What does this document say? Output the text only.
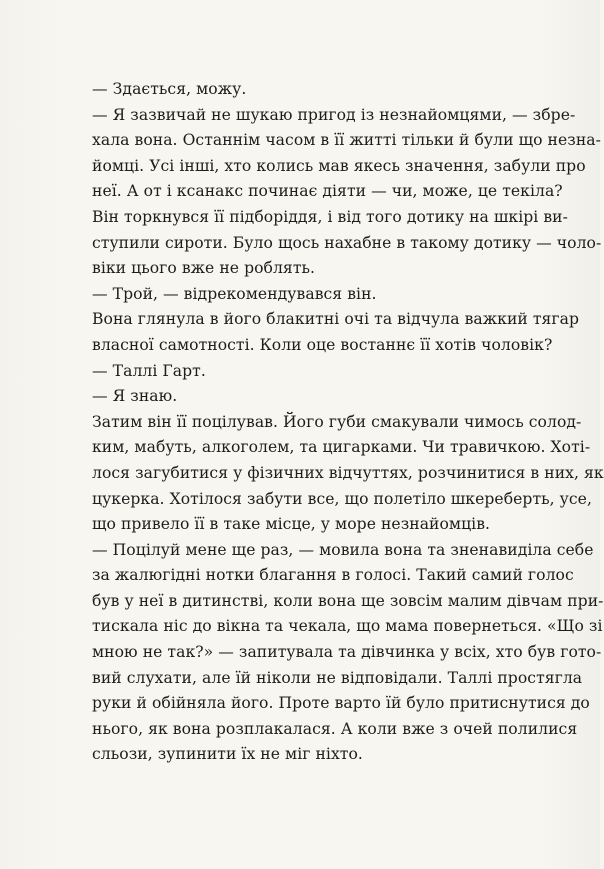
— Здається, можу.
— Я зазвичай не шукаю пригод із незнайомцями, — збре-
хала вона. Останнім часом в її житті тільки й були що незна-
йомці. Усі інші, хто колись мав якесь значення, забули про
неї. А от і ксанакс починає діяти — чи, може, це текіла?
Він торкнувся її підборіддя, і від того дотику на шкірі ви-
ступили сироти. Було щось нахабне в такому дотику — чоло-
віки цього вже не роблять.
— Трой, — відрекомендувався він.
Вона глянула в його блакитні очі та відчула важкий тягар
власної самотності. Коли оце востаннє її хотів чоловік?
— Таллі Гарт.
— Я знаю.
Затим він її поцілував. Його губи смакували чимось солод-
ким, мабуть, алкоголем, та цигарками. Чи травичкою. Хоті-
лося загубитися у фізичних відчуттях, розчинитися в них, як
цукерка. Хотілося забути все, що полетіло шкереберть, усе,
що привело її в таке місце, у море незнайомців.
— Поцілуй мене ще раз, — мовила вона та зненавиділа себе
за жалюгідні нотки благання в голосі. Такий самий голос
був у неї в дитинстві, коли вона ще зовсім малим дівчам при-
тискала ніс до вікна та чекала, що мама повернеться. «Що зі
мною не так?» — запитувала та дівчинка у всіх, хто був гото-
вий слухати, але їй ніколи не відповідали. Таллі простягла
руки й обійняла його. Проте варто їй було притиснутися до
нього, як вона розплакалася. А коли вже з очей полилися
сльози, зупинити їх не міг ніхто.
